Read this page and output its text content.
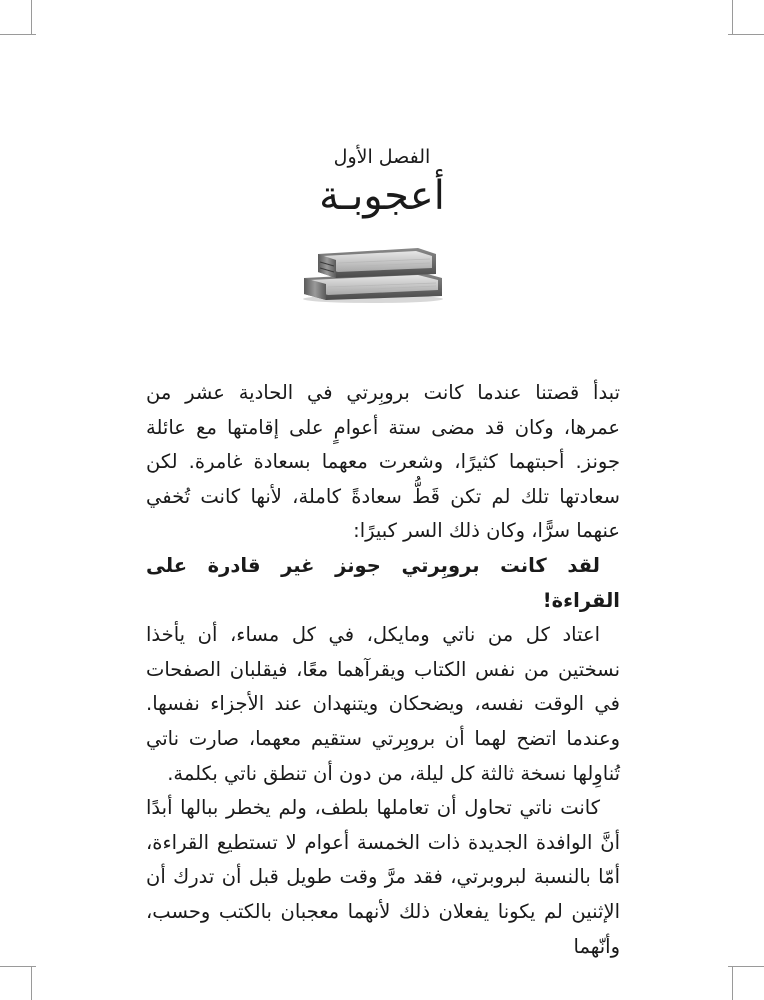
الفصل الأول
أعجوبـة

تبدأ قصتنا عندما كانت بروبِرتي في الحادية عشر من عمرها، وكان قد مضى ستة أعوامٍ على إقامتها مع عائلة جونز. أحبتهما كثيرًا، وشعرت معهما بسعادة غامرة. لكن سعادتها تلك لم تكن قَطُّ سعادةً كاملة، لأنها كانت تُخفي عنهما سرًّا، وكان ذلك السر كبيرًا:

لقد كانت بروبِرتي جونز غير قادرة على القراءة!

اعتاد كل من ناتي ومايكل، في كل مساء، أن يأخذا نسختين من نفس الكتاب ويقرآهما معًا، فيقلبان الصفحات في الوقت نفسه، ويضحكان ويتنهدان عند الأجزاء نفسها. وعندما اتضح لهما أن بروبِرتي ستقيم معهما، صارت ناتي تُناوِلها نسخة ثالثة كل ليلة، من دون أن تنطق ناتي بكلمة.

كانت ناتي تحاول أن تعاملها بلطف، ولم يخطر ببالها أبدًا أنَّ الوافدة الجديدة ذات الخمسة أعوام لا تستطيع القراءة، أمّا بالنسبة لبروبرتي، فقد مرَّ وقت طويل قبل أن تدرك أن الإثنين لم يكونا يفعلان ذلك لأنهما معجبان بالكتب وحسب، وأنّهما
